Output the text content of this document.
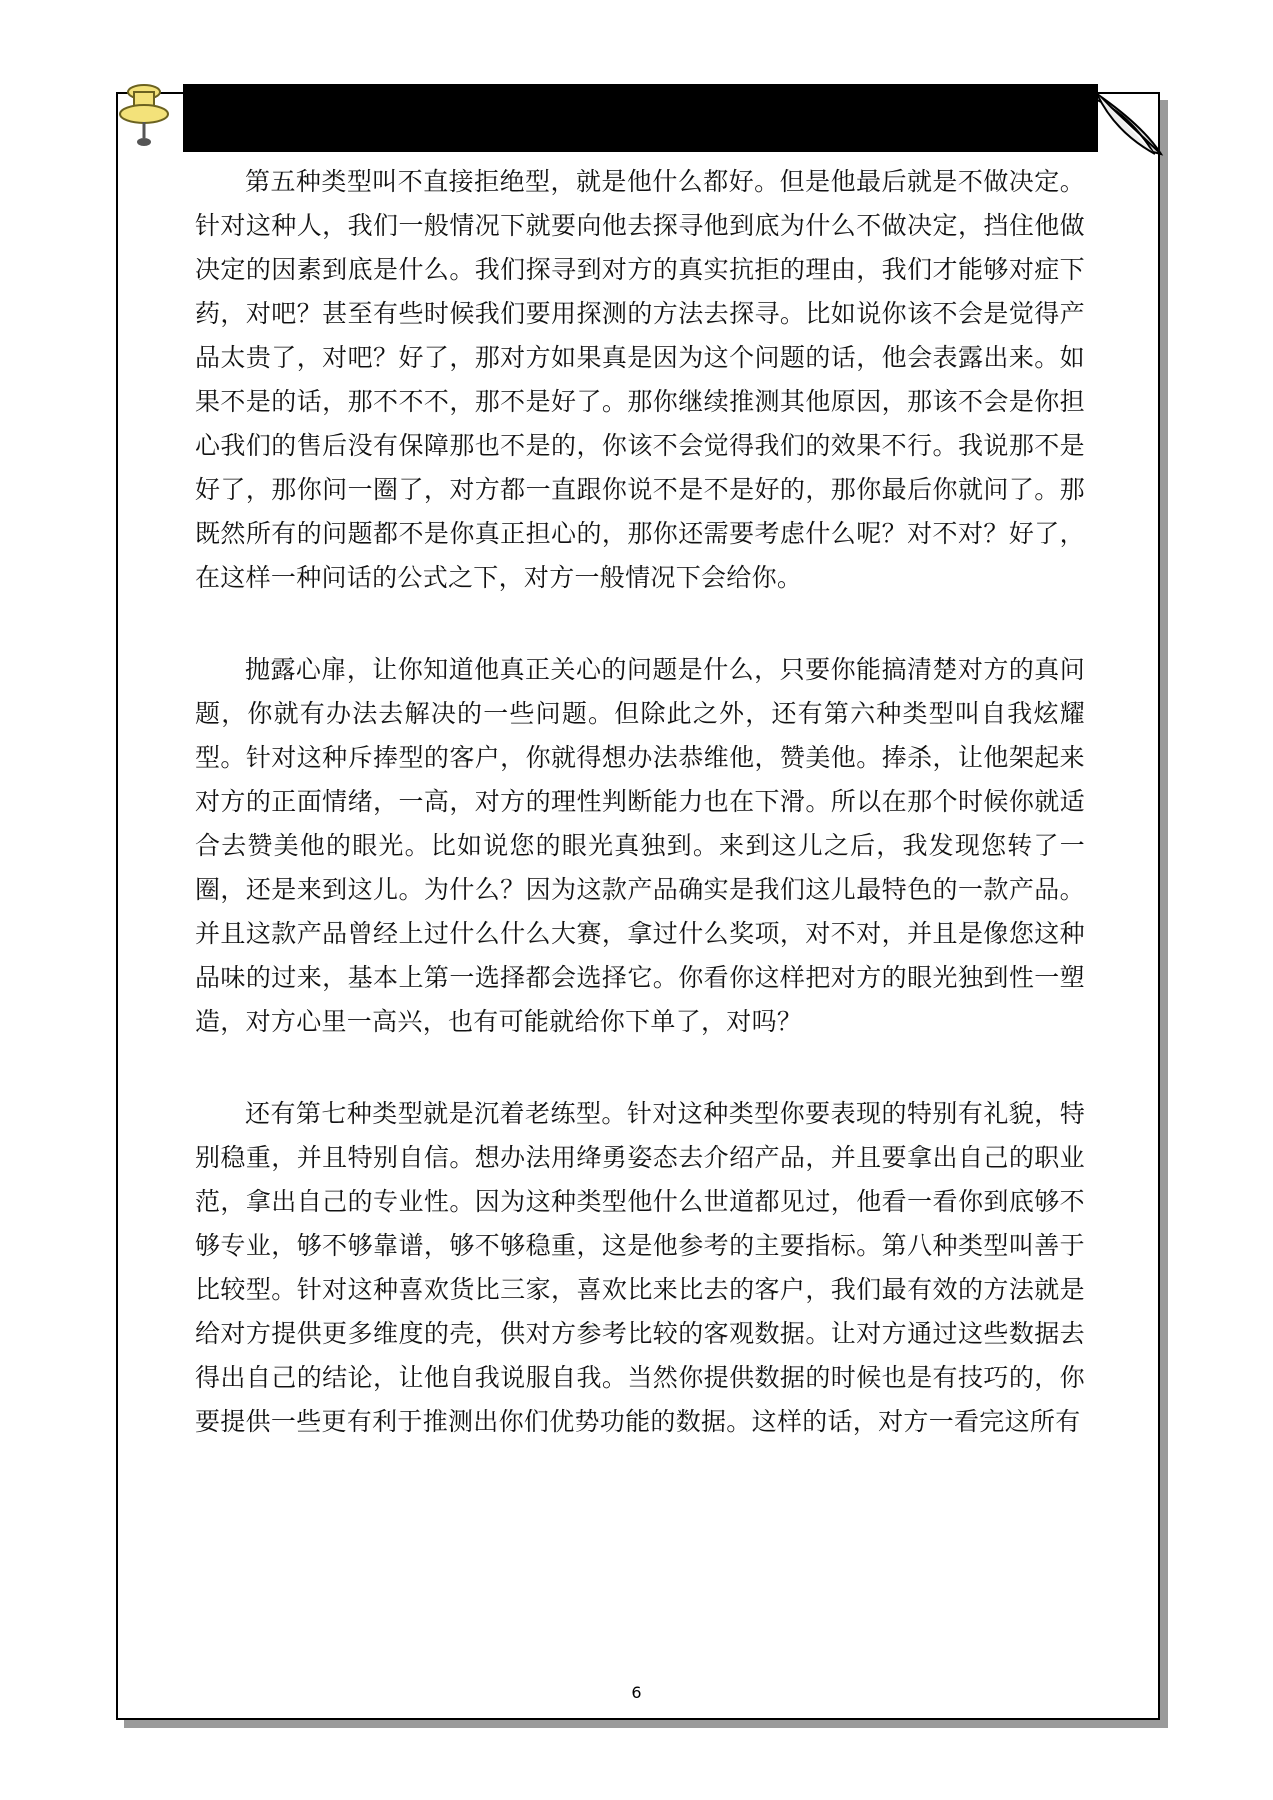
第五种类型叫不直接拒绝型，就是他什么都好。但是他最后就是不做决定。针对这种人，我们一般情况下就要向他去探寻他到底为什么不做决定，挡住他做决定的因素到底是什么。我们探寻到对方的真实抗拒的理由，我们才能够对症下药，对吧？甚至有些时候我们要用探测的方法去探寻。比如说你该不会是觉得产品太贵了，对吧？好了，那对方如果真是因为这个问题的话，他会表露出来。如果不是的话，那不不不，那不是好了。那你继续推测其他原因，那该不会是你担心我们的售后没有保障那也不是的，你该不会觉得我们的效果不行。我说那不是好了，那你问一圈了，对方都一直跟你说不是不是好的，那你最后你就问了。那既然所有的问题都不是你真正担心的，那你还需要考虑什么呢？对不对？好了，在这样一种问话的公式之下，对方一般情况下会给你。

抛露心扉，让你知道他真正关心的问题是什么，只要你能搞清楚对方的真问题，你就有办法去解决的一些问题。但除此之外，还有第六种类型叫自我炫耀型。针对这种斥捧型的客户，你就得想办法恭维他，赞美他。捧杀，让他架起来对方的正面情绪，一高，对方的理性判断能力也在下滑。所以在那个时候你就适合去赞美他的眼光。比如说您的眼光真独到。来到这儿之后，我发现您转了一圈，还是来到这儿。为什么？因为这款产品确实是我们这儿最特色的一款产品。并且这款产品曾经上过什么什么大赛，拿过什么奖项，对不对，并且是像您这种品味的过来，基本上第一选择都会选择它。你看你这样把对方的眼光独到性一塑造，对方心里一高兴，也有可能就给你下单了，对吗？

还有第七种类型就是沉着老练型。针对这种类型你要表现的特别有礼貌，特别稳重，并且特别自信。想办法用绛勇姿态去介绍产品，并且要拿出自己的职业范，拿出自己的专业性。因为这种类型他什么世道都见过，他看一看你到底够不够专业，够不够靠谱，够不够稳重，这是他参考的主要指标。第八种类型叫善于比较型。针对这种喜欢货比三家，喜欢比来比去的客户，我们最有效的方法就是给对方提供更多维度的壳，供对方参考比较的客观数据。让对方通过这些数据去得出自己的结论，让他自我说服自我。当然你提供数据的时候也是有技巧的，你要提供一些更有利于推测出你们优势功能的数据。这样的话，对方一看完这所有

6
